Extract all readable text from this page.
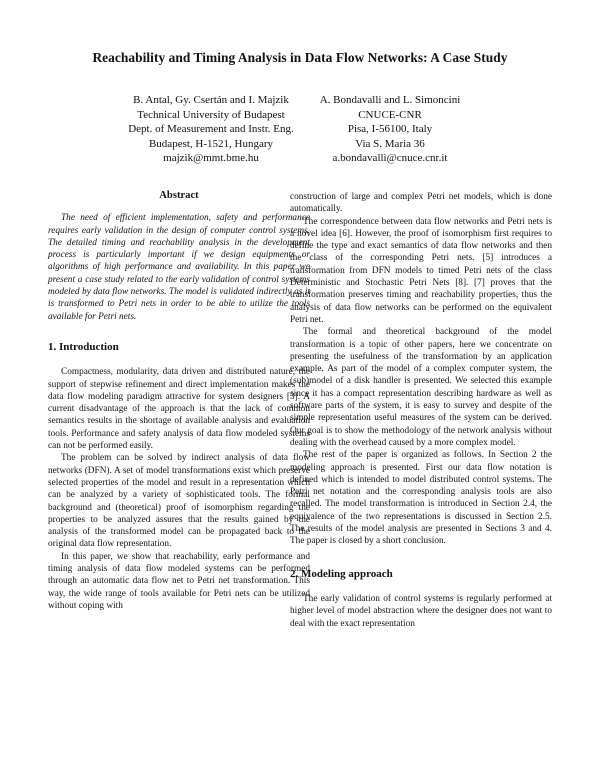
Reachability and Timing Analysis in Data Flow Networks: A Case Study
B. Antal, Gy. Csertán and I. Majzik
Technical University of Budapest
Dept. of Measurement and Instr. Eng.
Budapest, H-1521, Hungary
majzik@mmt.bme.hu
A. Bondavalli and L. Simoncini
CNUCE-CNR
Pisa, I-56100, Italy
Via S. Maria 36
a.bondavalli@cnuce.cnr.it
Abstract

The need of efficient implementation, safety and performance requires early validation in the design of computer control systems. The detailed timing and reachability analysis in the development process is particularly important if we design equipments or algorithms of high performance and availability. In this paper we present a case study related to the early validation of control systems modeled by data flow networks. The model is validated indirectly as it is transformed to Petri nets in order to be able to utilize the tools available for Petri nets.

1. Introduction

Compactness, modularity, data driven and distributed nature, the support of stepwise refinement and direct implementation makes the data flow modeling paradigm attractive for system designers [3]. A current disadvantage of the approach is that the lack of common semantics results in the shortage of available analysis and evaluation tools. Performance and safety analysis of data flow modeled systems can not be performed easily.

The problem can be solved by indirect analysis of data flow networks (DFN). A set of model transformations exist which preserve selected properties of the model and result in a representation which can be analyzed by a variety of sophisticated tools. The formal background and (theoretical) proof of isomorphism regarding the properties to be analyzed assures that the results gained by the analysis of the transformed model can be propagated back to the original data flow representation.

In this paper, we show that reachability, early performance and timing analysis of data flow modeled systems can be performed through an automatic data flow net to Petri net transformation. This way, the wide range of tools available for Petri nets can be utilized without coping with

construction of large and complex Petri net models, which is done automatically.

The correspondence between data flow networks and Petri nets is a novel idea [6]. However, the proof of isomorphism first requires to define the type and exact semantics of data flow networks and then the class of the corresponding Petri nets. [5] introduces a transformation from DFN models to timed Petri nets of the class Deterministic and Stochastic Petri Nets [8]. [7] proves that the transformation preserves timing and reachability properties, thus the analysis of data flow networks can be performed on the equivalent Petri net.

The formal and theoretical background of the model transformation is a topic of other papers, here we concentrate on presenting the usefulness of the transformation by an application example. As part of the model of a complex computer system, the (sub)model of a disk handler is presented. We selected this example since it has a compact representation describing hardware as well as software parts of the system, it is easy to survey and despite of the simple representation useful measures of the system can be derived. Our goal is to show the methodology of the network analysis without dealing with the overhead caused by a more complex model.

The rest of the paper is organized as follows. In Section 2 the modeling approach is presented. First our data flow notation is defined which is intended to model distributed control systems. The Petri net notation and the corresponding analysis tools are also recalled. The model transformation is introduced in Section 2.4, the equivalence of the two representations is discussed in Section 2.5. The results of the model analysis are presented in Sections 3 and 4. The paper is closed by a short conclusion.

2. Modeling approach

The early validation of control systems is regularly performed at higher level of model abstraction where the designer does not want to deal with the exact representation
